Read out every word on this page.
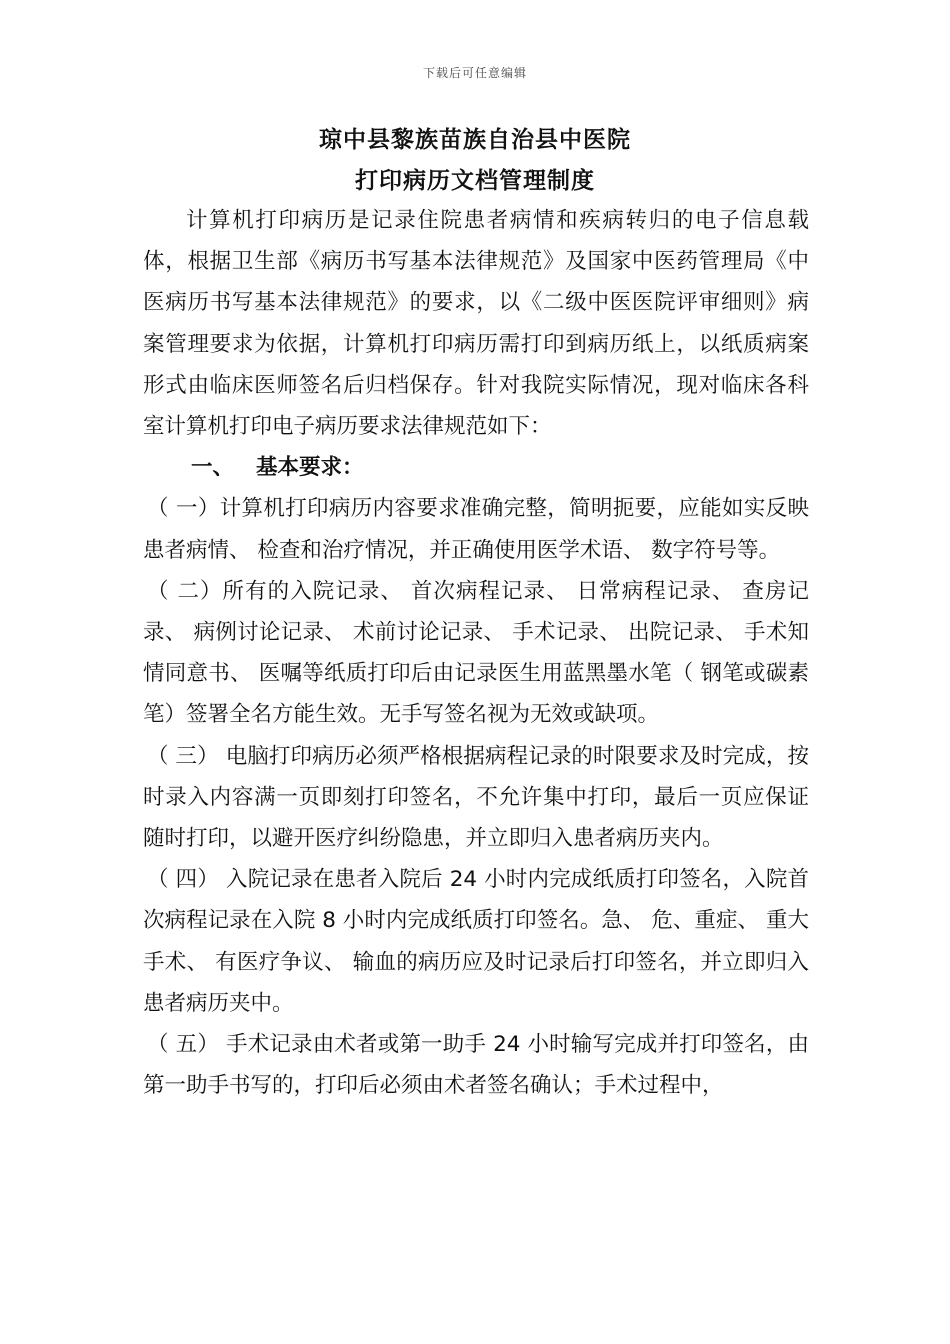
下载后可任意编辑
琼中县黎族苗族自治县中医院
打印病历文档管理制度

计算机打印病历是记录住院患者病情和疾病转归的电子信息载体，根据卫生部《病历书写基本法律规范》及国家中医药管理局《中医病历书写基本法律规范》的要求，以《二级中医医院评审细则》病案管理要求为依据，计算机打印病历需打印到病历纸上，以纸质病案形式由临床医师签名后归档保存。针对我院实际情况，现对临床各科室计算机打印电子病历要求法律规范如下：

一、 基本要求：

（ 一）计算机打印病历内容要求准确完整，简明扼要，应能如实反映患者病情、 检查和治疗情况，并正确使用医学术语、 数字符号等。

（ 二）所有的入院记录、 首次病程记录、 日常病程记录、 查房记录、 病例讨论记录、 术前讨论记录、 手术记录、 出院记录、 手术知情同意书、 医嘱等纸质打印后由记录医生用蓝黑墨水笔（ 钢笔或碳素笔）签署全名方能生效。无手写签名视为无效或缺项。

（ 三） 电脑打印病历必须严格根据病程记录的时限要求及时完成，按时录入内容满一页即刻打印签名，不允许集中打印，最后一页应保证随时打印，以避开医疗纠纷隐患，并立即归入患者病历夹内。

（ 四） 入院记录在患者入院后 24 小时内完成纸质打印签名，入院首次病程记录在入院 8 小时内完成纸质打印签名。急、 危、重症、 重大手术、 有医疗争议、 输血的病历应及时记录后打印签名，并立即归入患者病历夹中。

（ 五） 手术记录由术者或第一助手 24 小时输写完成并打印签名，由第一助手书写的，打印后必须由术者签名确认；手术过程中，
